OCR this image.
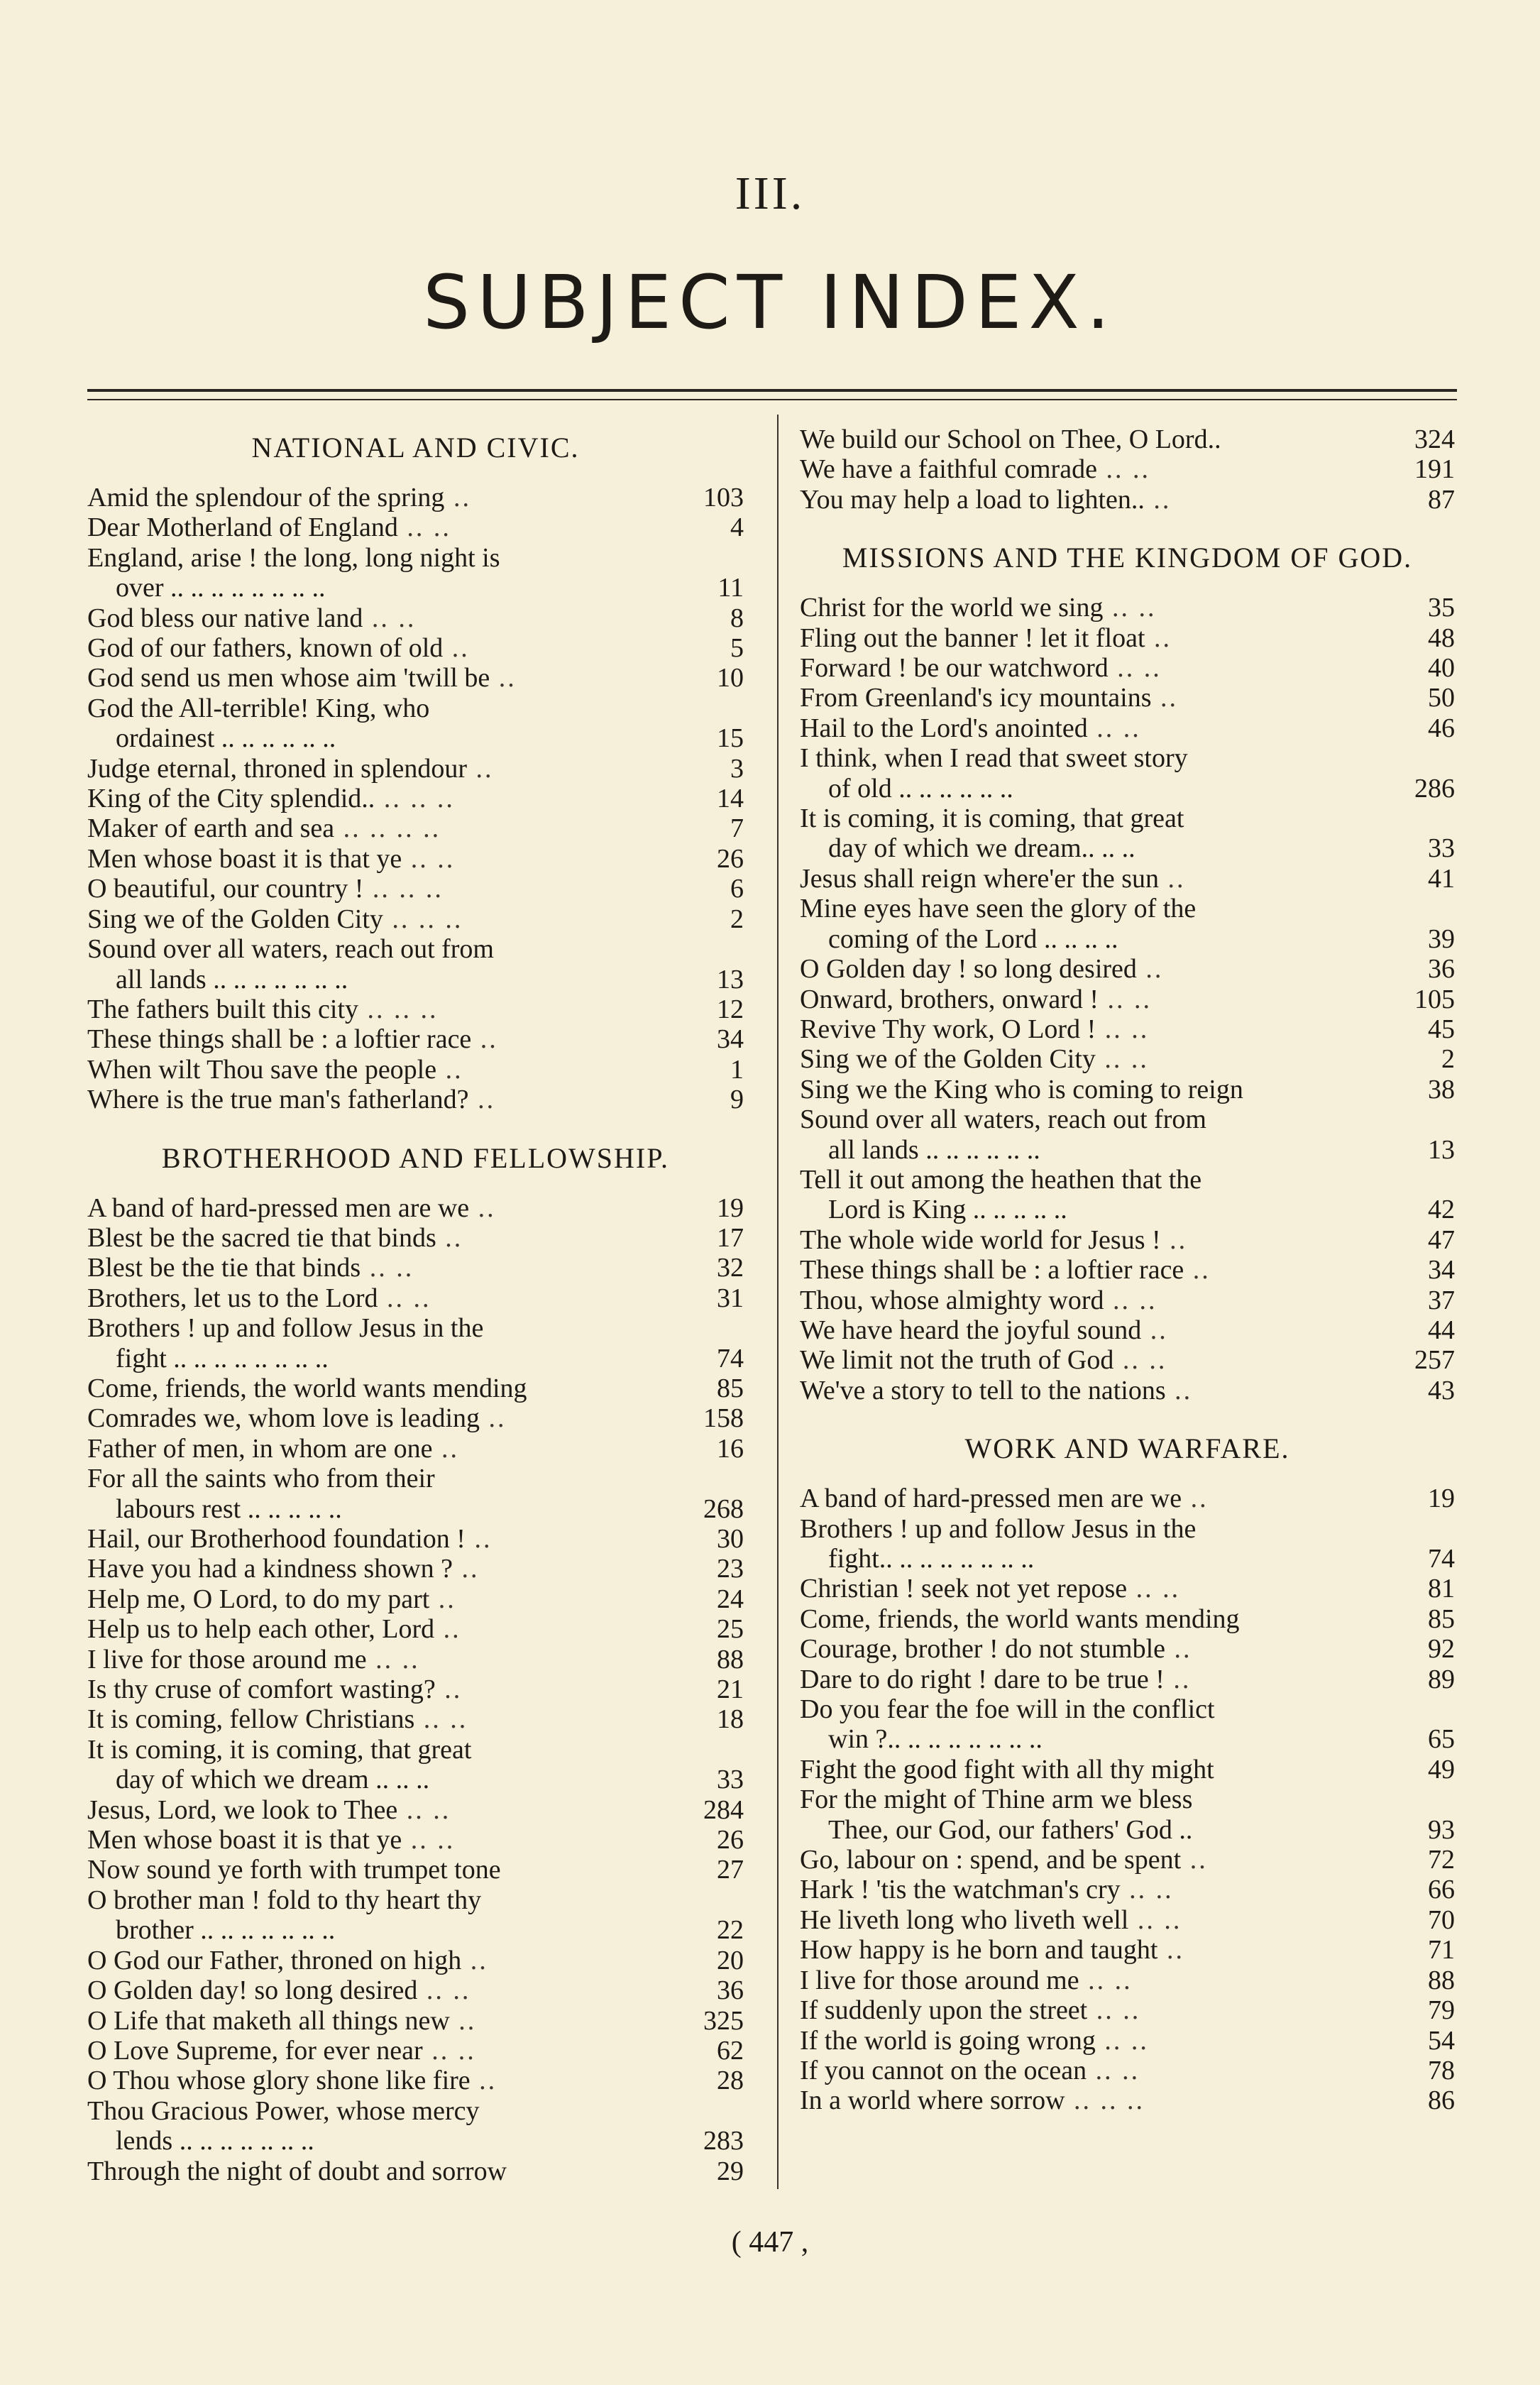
III.
SUBJECT INDEX.
NATIONAL AND CIVIC.
Amid the splendour of the spring ..	103
Dear Motherland of England .. ..	4
England, arise ! the long, long night is
over .. .. .. .. .. .. .. ..	11
God bless our native land .. ..	8
God of our fathers, known of old ..	5
God send us men whose aim 'twill be ..	10
God the All-terrible! King, who
ordainest .. .. .. .. .. ..	15
Judge eternal, throned in splendour ..	3
King of the City splendid.. .. .. ..	14
Maker of earth and sea .. .. .. ..	7
Men whose boast it is that ye .. ..	26
O beautiful, our country ! .. .. ..	6
Sing we of the Golden City .. .. ..	2
Sound over all waters, reach out from
all lands .. .. .. .. .. .. ..	13
The fathers built this city .. .. ..	12
These things shall be : a loftier race ..	34
When wilt Thou save the people ..	1
Where is the true man's fatherland? ..	9
BROTHERHOOD AND FELLOWSHIP.
A band of hard-pressed men are we ..	19
Blest be the sacred tie that binds ..	17
Blest be the tie that binds .. ..	32
Brothers, let us to the Lord .. ..	31
Brothers ! up and follow Jesus in the
fight .. .. .. .. .. .. .. ..	74
Come, friends, the world wants mending	85
Comrades we, whom love is leading ..	158
Father of men, in whom are one ..	16
For all the saints who from their
labours rest .. .. .. .. ..	268
Hail, our Brotherhood foundation ! ..	30
Have you had a kindness shown ? ..	23
Help me, O Lord, to do my part ..	24
Help us to help each other, Lord ..	25
I live for those around me .. ..	88
Is thy cruse of comfort wasting? ..	21
It is coming, fellow Christians .. ..	18
It is coming, it is coming, that great
day of which we dream .. .. ..	33
Jesus, Lord, we look to Thee .. ..	284
Men whose boast it is that ye .. ..	26
Now sound ye forth with trumpet tone	27
O brother man ! fold to thy heart thy
brother .. .. .. .. .. .. ..	22
O God our Father, throned on high ..	20
O Golden day! so long desired .. ..	36
O Life that maketh all things new ..	325
O Love Supreme, for ever near .. ..	62
O Thou whose glory shone like fire ..	28
Thou Gracious Power, whose mercy
lends .. .. .. .. .. .. ..	283
Through the night of doubt and sorrow	29
We build our School on Thee, O Lord..	324
We have a faithful comrade .. ..	191
You may help a load to lighten.. ..	87
MISSIONS AND THE KINGDOM OF GOD.
Christ for the world we sing .. ..	35
Fling out the banner ! let it float ..	48
Forward ! be our watchword .. ..	40
From Greenland's icy mountains ..	50
Hail to the Lord's anointed .. ..	46
I think, when I read that sweet story
of old .. .. .. .. .. ..	286
It is coming, it is coming, that great
day of which we dream.. .. ..	33
Jesus shall reign where'er the sun ..	41
Mine eyes have seen the glory of the
coming of the Lord .. .. .. ..	39
O Golden day ! so long desired ..	36
Onward, brothers, onward ! .. ..	105
Revive Thy work, O Lord ! .. ..	45
Sing we of the Golden City .. ..	2
Sing we the King who is coming to reign	38
Sound over all waters, reach out from
all lands .. .. .. .. .. ..	13
Tell it out among the heathen that the
Lord is King .. .. .. .. ..	42
The whole wide world for Jesus ! ..	47
These things shall be : a loftier race ..	34
Thou, whose almighty word .. ..	37
We have heard the joyful sound ..	44
We limit not the truth of God .. ..	257
We've a story to tell to the nations ..	43
WORK AND WARFARE.
A band of hard-pressed men are we ..	19
Brothers ! up and follow Jesus in the
fight.. .. .. .. .. .. .. ..	74
Christian ! seek not yet repose .. ..	81
Come, friends, the world wants mending	85
Courage, brother ! do not stumble ..	92
Dare to do right ! dare to be true ! ..	89
Do you fear the foe will in the conflict
win ?.. .. .. .. .. .. .. ..	65
Fight the good fight with all thy might	49
For the might of Thine arm we bless
Thee, our God, our fathers' God ..	93
Go, labour on : spend, and be spent ..	72
Hark ! 'tis the watchman's cry .. ..	66
He liveth long who liveth well .. ..	70
How happy is he born and taught ..	71
I live for those around me .. ..	88
If suddenly upon the street .. ..	79
If the world is going wrong .. ..	54
If you cannot on the ocean .. ..	78
In a world where sorrow .. .. ..	86
( 447 ,
